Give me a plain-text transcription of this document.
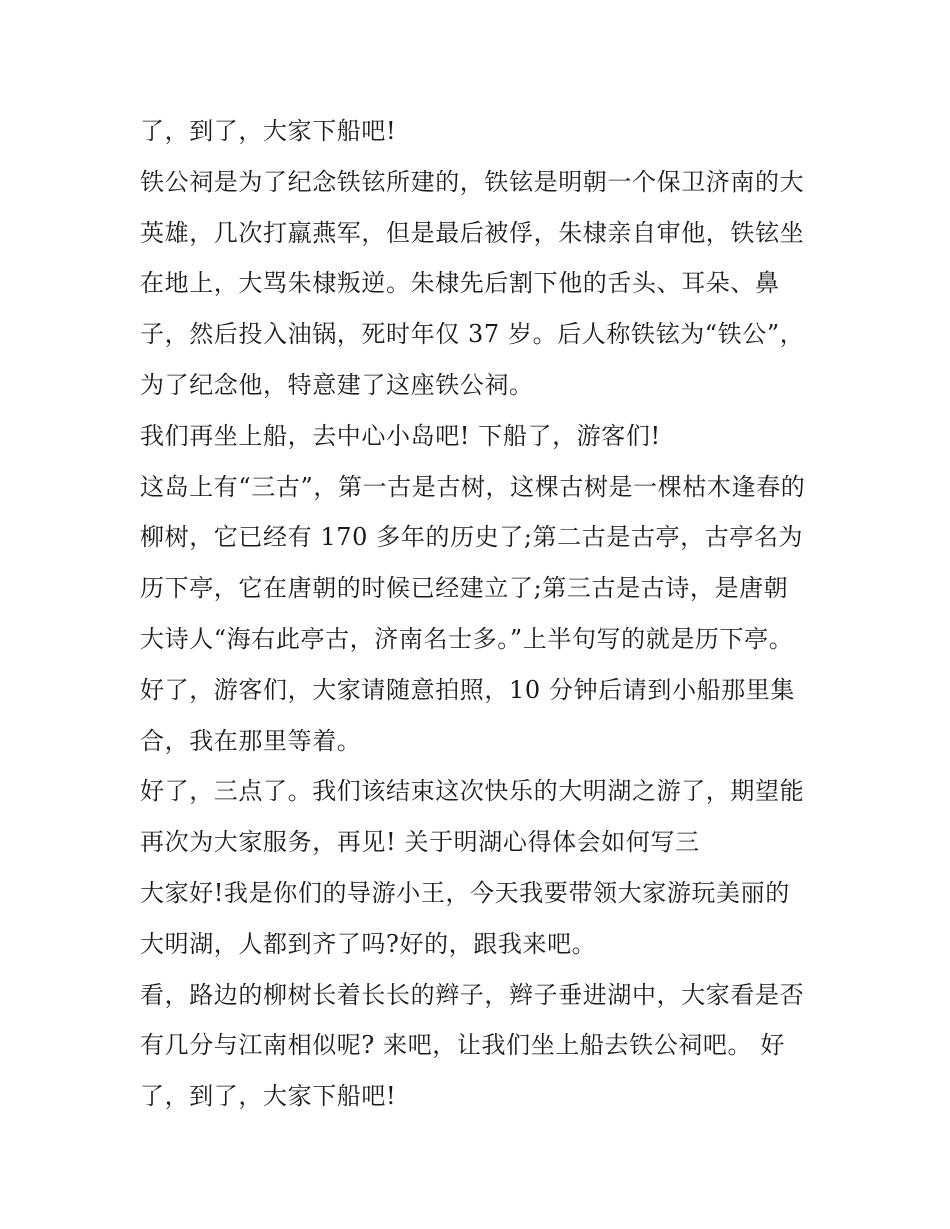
了，到了，大家下船吧!
铁公祠是为了纪念铁铉所建的，铁铉是明朝一个保卫济南的大
英雄，几次打羸燕军，但是最后被俘，朱棣亲自审他，铁铉坐
在地上，大骂朱棣叛逆。朱棣先后割下他的舌头、耳朵、鼻
子，然后投入油锅，死时年仅 37 岁。后人称铁铉为“铁公”，
为了纪念他，特意建了这座铁公祠。
我们再坐上船，去中心小岛吧! 下船了，游客们!
这岛上有“三古”，第一古是古树，这棵古树是一棵枯木逢春的
柳树，它已经有 170 多年的历史了;第二古是古亭，古亭名为
历下亭，它在唐朝的时候已经建立了;第三古是古诗，是唐朝
大诗人“海右此亭古，济南名士多。”上半句写的就是历下亭。
好了，游客们，大家请随意拍照，10 分钟后请到小船那里集
合，我在那里等着。
好了，三点了。我们该结束这次快乐的大明湖之游了，期望能
再次为大家服务，再见! 关于明湖心得体会如何写三
大家好!我是你们的导游小王，今天我要带领大家游玩美丽的
大明湖，人都到齐了吗?好的，跟我来吧。
看，路边的柳树长着长长的辫子，辫子垂进湖中，大家看是否
有几分与江南相似呢? 来吧，让我们坐上船去铁公祠吧。 好
了，到了，大家下船吧!
